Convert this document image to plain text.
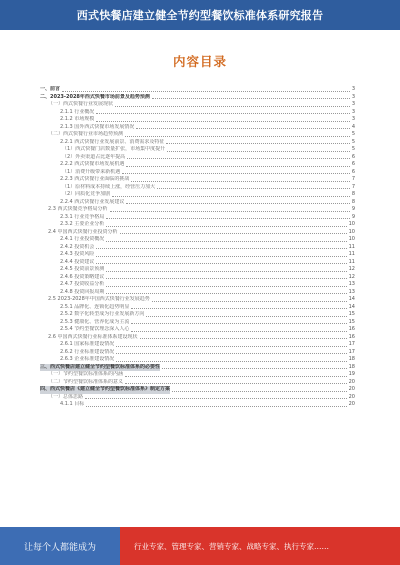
西式快餐店建立健全节约型餐饮标准体系研究报告
内容目录
一、前言	3
二、2023-2028年西式快餐市场前景及趋势预测	3
（一）西式快餐行业发展现状	3
2.1.1 行业概况	3
2.1.2 市场规模	3
2.1.3 国外西式快餐市场发展情况	4
（二）西式快餐行业市场趋势预测	5
2.2.1 西式快餐行业发展前景、消费需求及特征	5
（1）西式快餐门店数量扩张，市场集中度提升	5
（2）外卖渠道占比逐年提高	6
2.2.2 西式快餐市场发展机遇	6
（1）消费升级带来新机遇	6
2.2.3 西式快餐行业面临的挑战	7
（1）原材料成本持续上涨，经营压力加大	7
（2）同质化竞争加剧	8
2.2.4 西式快餐行业发展建议	8
2.3 西式快餐竞争格局分析	9
2.3.1 行业竞争格局	9
2.3.2 主要企业分析	10
2.4 中国西式快餐行业投资分析	10
2.4.1 行业投资概况	10
2.4.2 投资机会	11
2.4.3 投资风险	11
2.4.4 投资建议	11
2.4.5 投资前景预测	12
2.4.6 投资策略建议	12
2.4.7 投资收益分析	13
2.4.8 投资回报周期	13
2.5 2023-2028年中国西式快餐行业发展趋势	14
2.5.1 品牌化、连锁化趋势明显	14
2.5.2 数字化转型成为行业发展新方向	15
2.5.3 健康化、营养化成为主流	15
2.5.4 节约型餐饮理念深入人心	16
2.6 中国西式快餐行业标准体系建设现状	16
2.6.1 国家标准建设情况	17
2.6.2 行业标准建设情况	17
2.6.3 企业标准建设情况	18
三、西式快餐店建立健全节约型餐饮标准体系的必要性	18
（一）节约型餐饮标准体系的内涵	19
（二）节约型餐饮标准体系的意义	20
四、西式快餐店《建立健全节约型餐饮标准体系》制定方案	20
（一）总体思路	20
4.1.1 目标	20
让每个人都能成为	行业专家、管理专家、营销专家、战略专家、执行专家……
